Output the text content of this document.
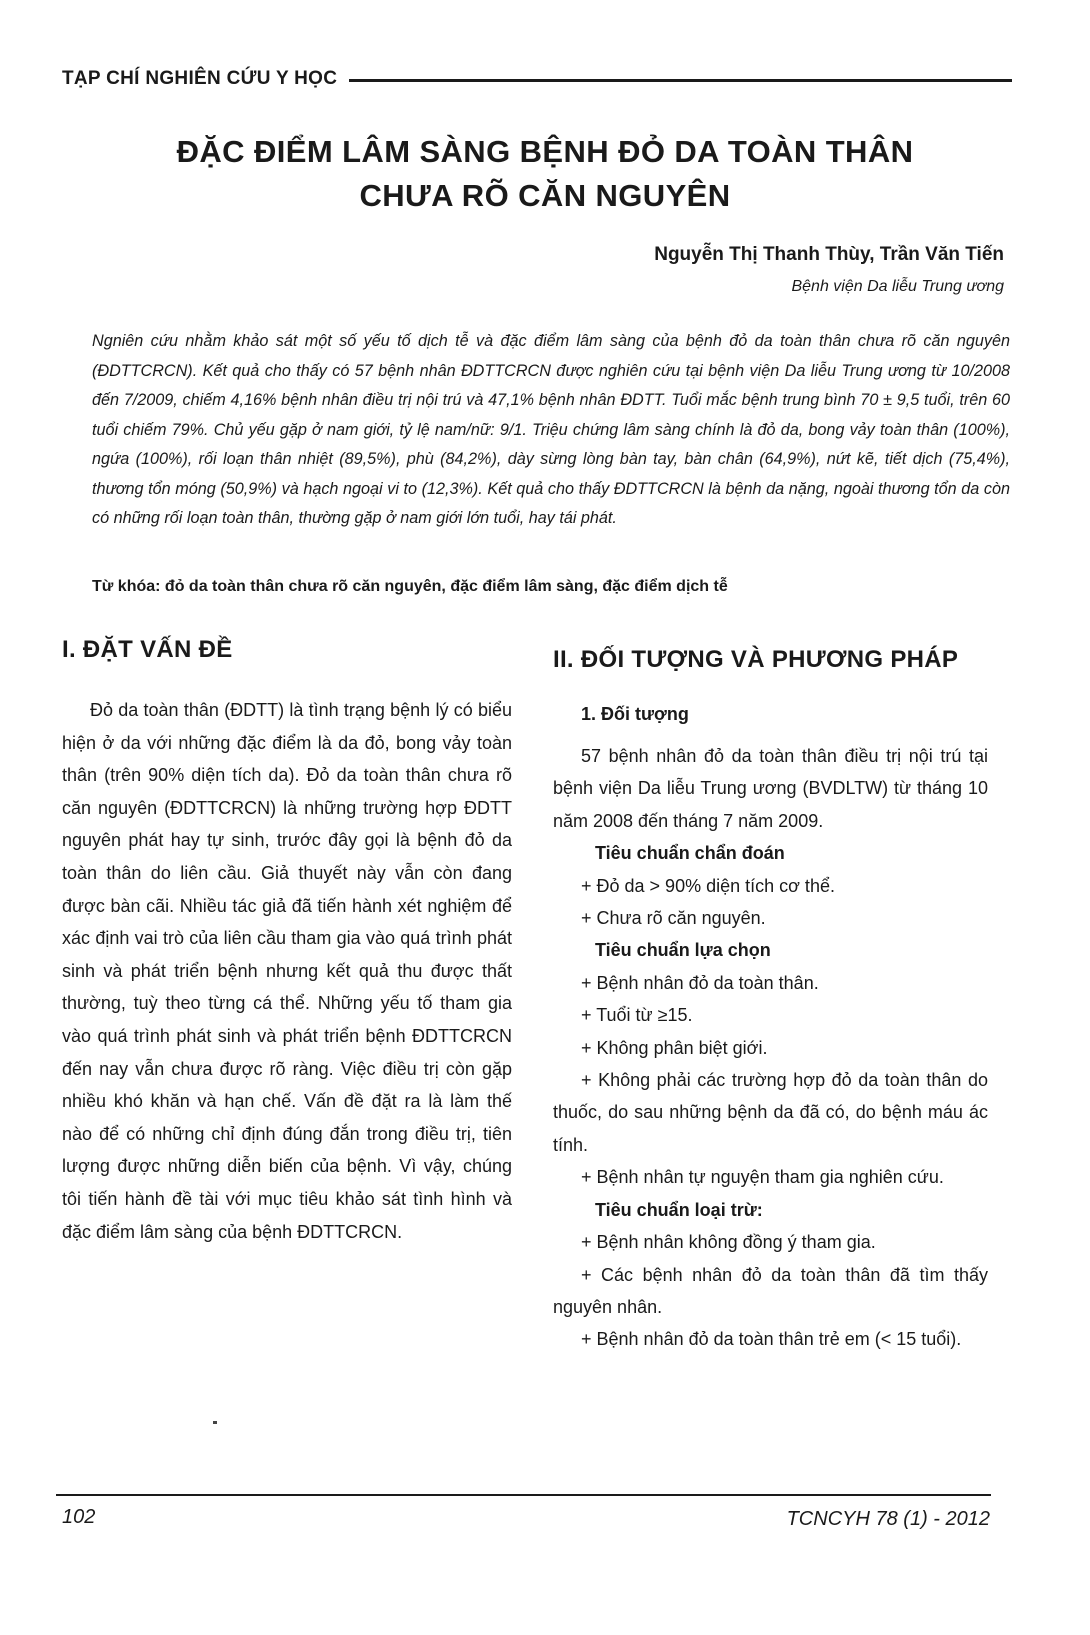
TẠP CHÍ NGHIÊN CỨU Y HỌC
ĐẶC ĐIỂM LÂM SÀNG BỆNH ĐỎ DA TOÀN THÂN
CHƯA RÕ CĂN NGUYÊN
Nguyễn Thị Thanh Thùy, Trần Văn Tiến
Bệnh viện Da liễu Trung ương

Ngniên cứu nhằm khảo sát một số yếu tố dịch tễ và đặc điểm lâm sàng của bệnh đỏ da toàn thân chưa rõ căn nguyên (ĐDTTCRCN). Kết quả cho thấy có 57 bệnh nhân ĐDTTCRCN được nghiên cứu tại bệnh viện Da liễu Trung ương từ 10/2008 đến 7/2009, chiếm 4,16% bệnh nhân điều trị nội trú và 47,1% bệnh nhân ĐDTT. Tuổi mắc bệnh trung bình 70 ± 9,5 tuổi, trên 60 tuổi chiếm 79%. Chủ yếu gặp ở nam giới, tỷ lệ nam/nữ: 9/1. Triệu chứng lâm sàng chính là đỏ da, bong vảy toàn thân (100%), ngứa (100%), rối loạn thân nhiệt (89,5%), phù (84,2%), dày sừng lòng bàn tay, bàn chân (64,9%), nứt kẽ, tiết dịch (75,4%), thương tổn móng (50,9%) và hạch ngoại vi to (12,3%). Kết quả cho thấy ĐDTTCRCN là bệnh da nặng, ngoài thương tổn da còn có những rối loạn toàn thân, thường gặp ở nam giới lớn tuổi, hay tái phát.

Từ khóa: đỏ da toàn thân chưa rõ căn nguyên, đặc điểm lâm sàng, đặc điểm dịch tễ

I. ĐẶT VẤN ĐỀ

Đỏ da toàn thân (ĐDTT) là tình trạng bệnh lý có biểu hiện ở da với những đặc điểm là da đỏ, bong vảy toàn thân (trên 90% diện tích da). Đỏ da toàn thân chưa rõ căn nguyên (ĐDTTCRCN) là những trường hợp ĐDTT nguyên phát hay tự sinh, trước đây gọi là bệnh đỏ da toàn thân do liên cầu. Giả thuyết này vẫn còn đang được bàn cãi. Nhiều tác giả đã tiến hành xét nghiệm để xác định vai trò của liên cầu tham gia vào quá trình phát sinh và phát triển bệnh nhưng kết quả thu được thất thường, tuỳ theo từng cá thể. Những yếu tố tham gia vào quá trình phát sinh và phát triển bệnh ĐDTTCRCN đến nay vẫn chưa được rõ ràng. Việc điều trị còn gặp nhiều khó khăn và hạn chế. Vấn đề đặt ra là làm thế nào để có những chỉ định đúng đắn trong điều trị, tiên lượng được những diễn biến của bệnh. Vì vậy, chúng tôi tiến hành đề tài với mục tiêu khảo sát tình hình và đặc điểm lâm sàng của bệnh ĐDTTCRCN.

II. ĐỐI TƯỢNG VÀ PHƯƠNG PHÁP
1. Đối tượng

57 bệnh nhân đỏ da toàn thân điều trị nội trú tại bệnh viện Da liễu Trung ương (BVDLTW) từ tháng 10 năm 2008 đến tháng 7 năm 2009.

Tiêu chuẩn chẩn đoán

+ Đỏ da > 90% diện tích cơ thể.

+ Chưa rõ căn nguyên.

Tiêu chuẩn lựa chọn

+ Bệnh nhân đỏ da toàn thân.

+ Tuổi từ ≥15.

+ Không phân biệt giới.

+ Không phải các trường hợp đỏ da toàn thân do thuốc, do sau những bệnh da đã có, do bệnh máu ác tính.

+ Bệnh nhân tự nguyện tham gia nghiên cứu.

Tiêu chuẩn loại trừ:

+ Bệnh nhân không đồng ý tham gia.

+ Các bệnh nhân đỏ da toàn thân đã tìm thấy nguyên nhân.

+ Bệnh nhân đỏ da toàn thân trẻ em (< 15 tuổi).

102	TCNCYH 78 (1) - 2012
